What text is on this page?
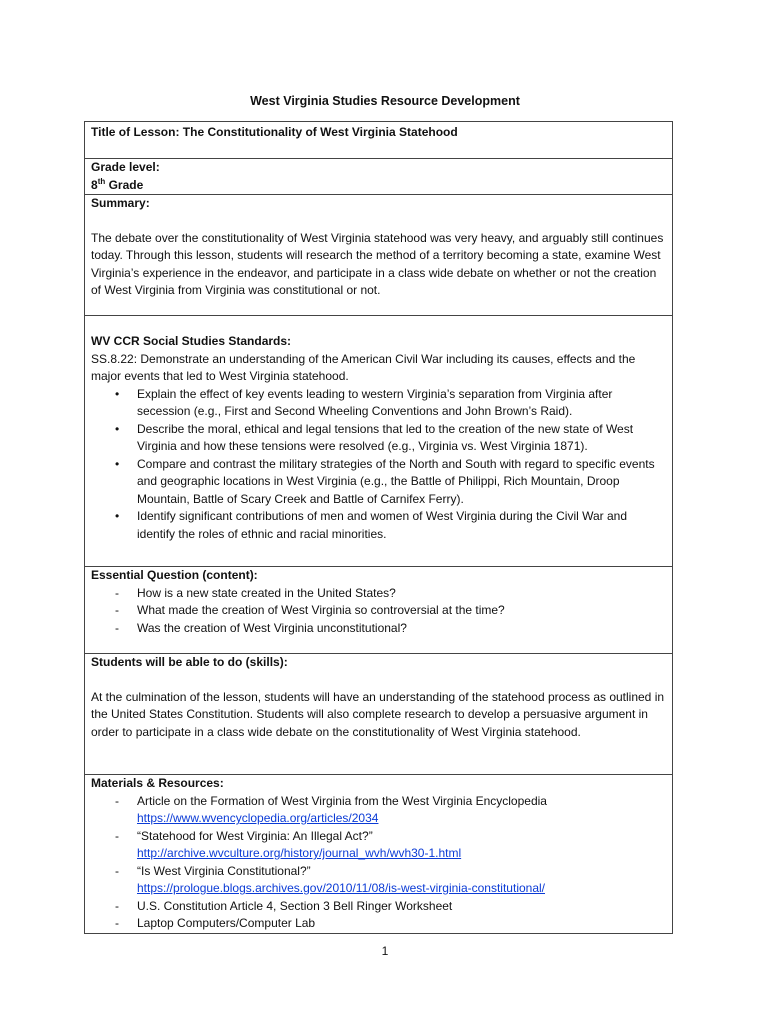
West Virginia Studies Resource Development
Title of Lesson: The Constitutionality of West Virginia Statehood

Grade level:
8th Grade

Summary:

The debate over the constitutionality of West Virginia statehood was very heavy, and arguably still continues today. Through this lesson, students will research the method of a territory becoming a state, examine West Virginia’s experience in the endeavor, and participate in a class wide debate on whether or not the creation of West Virginia from Virginia was constitutional or not.

WV CCR Social Studies Standards:

SS.8.22: Demonstrate an understanding of the American Civil War including its causes, effects and the major events that led to West Virginia statehood.

• Explain the effect of key events leading to western Virginia’s separation from Virginia after secession (e.g., First and Second Wheeling Conventions and John Brown’s Raid).
• Describe the moral, ethical and legal tensions that led to the creation of the new state of West Virginia and how these tensions were resolved (e.g., Virginia vs. West Virginia 1871).
• Compare and contrast the military strategies of the North and South with regard to specific events and geographic locations in West Virginia (e.g., the Battle of Philippi, Rich Mountain, Droop Mountain, Battle of Scary Creek and Battle of Carnifex Ferry).
• Identify significant contributions of men and women of West Virginia during the Civil War and identify the roles of ethnic and racial minorities.

Essential Question (content):
- How is a new state created in the United States?
- What made the creation of West Virginia so controversial at the time?
- Was the creation of West Virginia unconstitutional?

Students will be able to do (skills):

At the culmination of the lesson, students will have an understanding of the statehood process as outlined in the United States Constitution. Students will also complete research to develop a persuasive argument in order to participate in a class wide debate on the constitutionality of West Virginia statehood.

Materials & Resources:
- Article on the Formation of West Virginia from the West Virginia Encyclopedia
https://www.wvencyclopedia.org/articles/2034
- “Statehood for West Virginia: An Illegal Act?”
http://archive.wvculture.org/history/journal_wvh/wvh30-1.html
- “Is West Virginia Constitutional?”
https://prologue.blogs.archives.gov/2010/11/08/is-west-virginia-constitutional/
- U.S. Constitution Article 4, Section 3 Bell Ringer Worksheet
- Laptop Computers/Computer Lab
1
